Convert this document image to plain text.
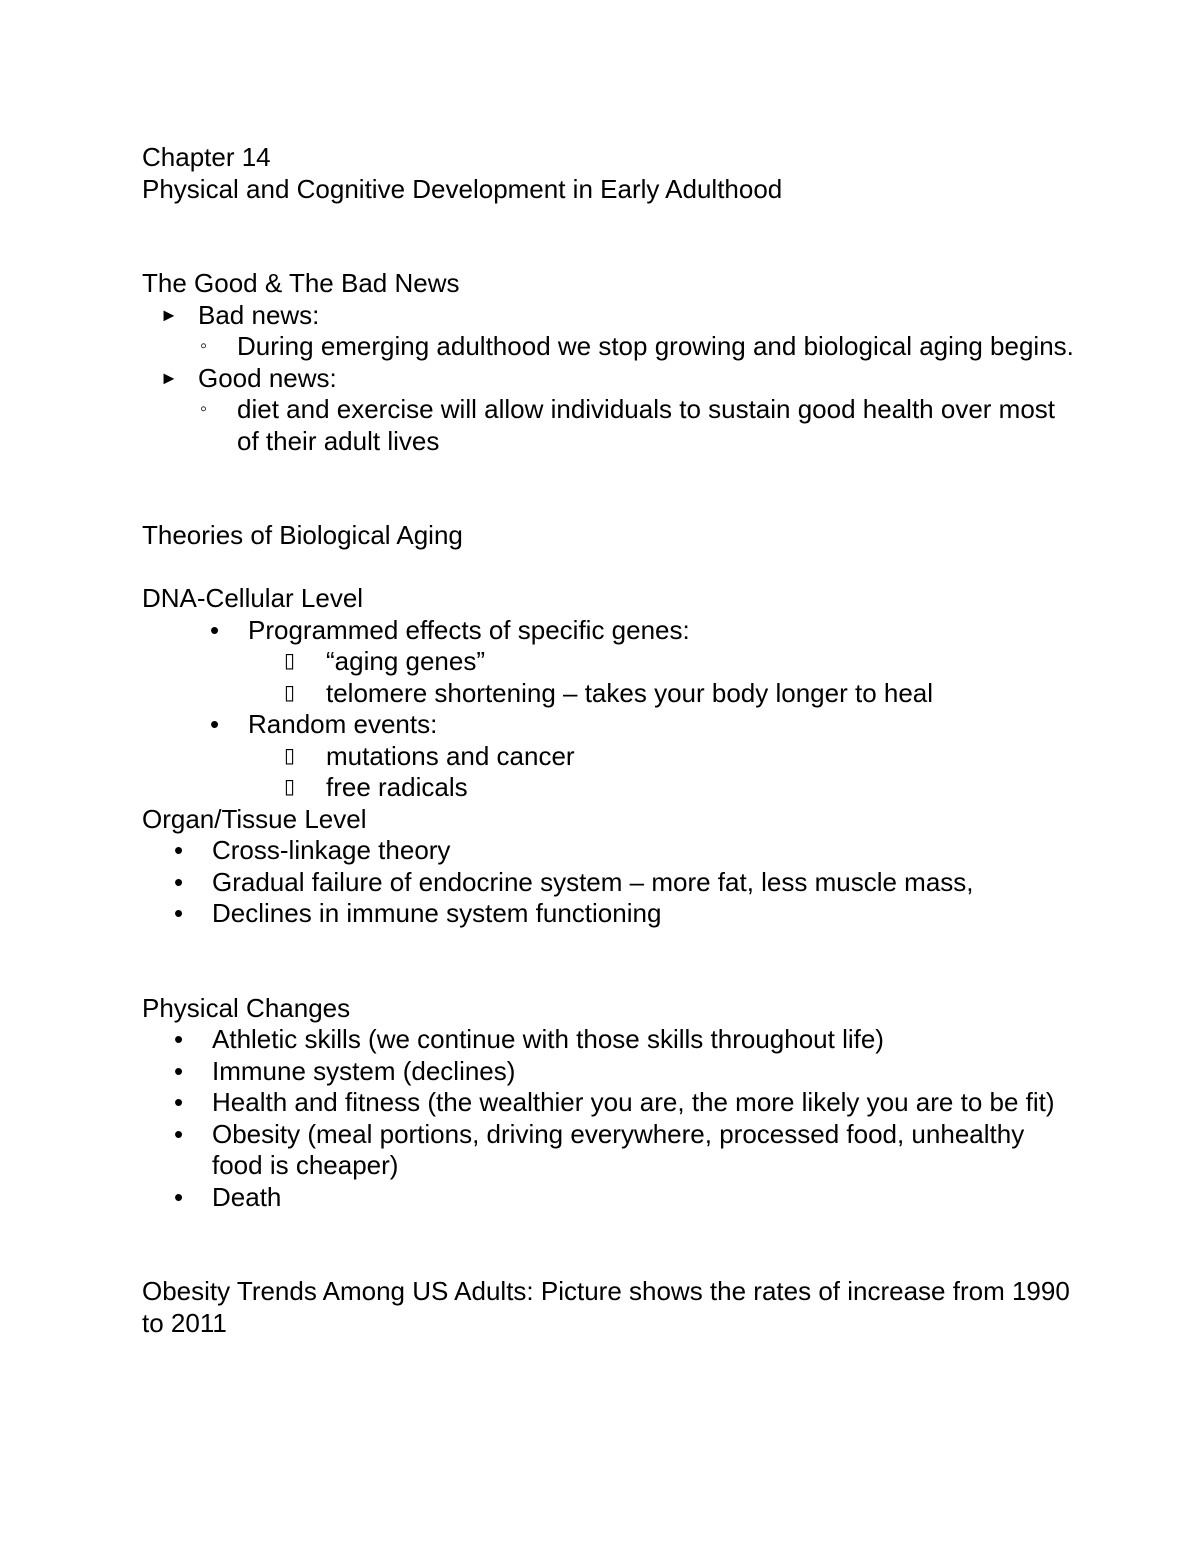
Chapter 14

Physical and Cognitive Development in Early Adulthood

The Good & The Bad News

► Bad news:
◦ During emerging adulthood we stop growing and biological aging begins.
► Good news:
◦ diet and exercise will allow individuals to sustain good health over most of their adult lives

Theories of Biological Aging

DNA-Cellular Level

• Programmed effects of specific genes:
▯ “aging genes”
▯ telomere shortening – takes your body longer to heal
• Random events:
▯ mutations and cancer
▯ free radicals

Organ/Tissue Level

• Cross-linkage theory
• Gradual failure of endocrine system – more fat, less muscle mass,
• Declines in immune system functioning

Physical Changes

• Athletic skills (we continue with those skills throughout life)
• Immune system (declines)
• Health and fitness (the wealthier you are, the more likely you are to be fit)
• Obesity (meal portions, driving everywhere, processed food, unhealthy food is cheaper)
• Death

Obesity Trends Among US Adults: Picture shows the rates of increase from 1990 to 2011
